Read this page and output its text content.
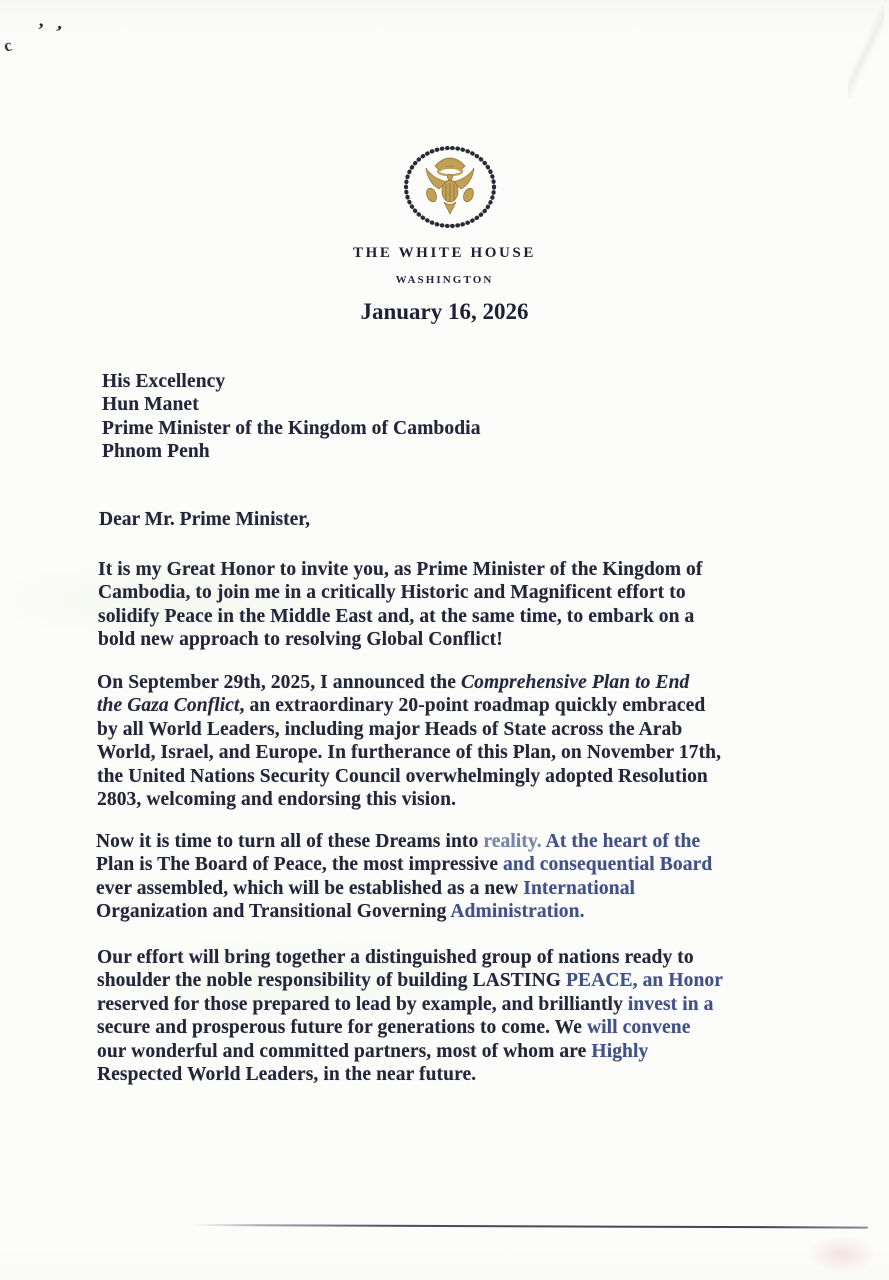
c
’ ’
THE WHITE HOUSE
WASHINGTON
January 16, 2026
His Excellency
Hun Manet
Prime Minister of the Kingdom of Cambodia
Phnom Penh
Dear Mr. Prime Minister,
It is my Great Honor to invite you, as Prime Minister of the Kingdom of
Cambodia, to join me in a critically Historic and Magnificent effort to
solidify Peace in the Middle East and, at the same time, to embark on a
bold new approach to resolving Global Conflict!
On September 29th, 2025, I announced the Comprehensive Plan to End
the Gaza Conflict, an extraordinary 20-point roadmap quickly embraced
by all World Leaders, including major Heads of State across the Arab
World, Israel, and Europe. In furtherance of this Plan, on November 17th,
the United Nations Security Council overwhelmingly adopted Resolution
2803, welcoming and endorsing this vision.
Now it is time to turn all of these Dreams into reality. At the heart of the
Plan is The Board of Peace, the most impressive and consequential Board
ever assembled, which will be established as a new International
Organization and Transitional Governing Administration.
Our effort will bring together a distinguished group of nations ready to
shoulder the noble responsibility of building LASTING PEACE, an Honor
reserved for those prepared to lead by example, and brilliantly invest in a
secure and prosperous future for generations to come. We will convene
our wonderful and committed partners, most of whom are Highly
Respected World Leaders, in the near future.
